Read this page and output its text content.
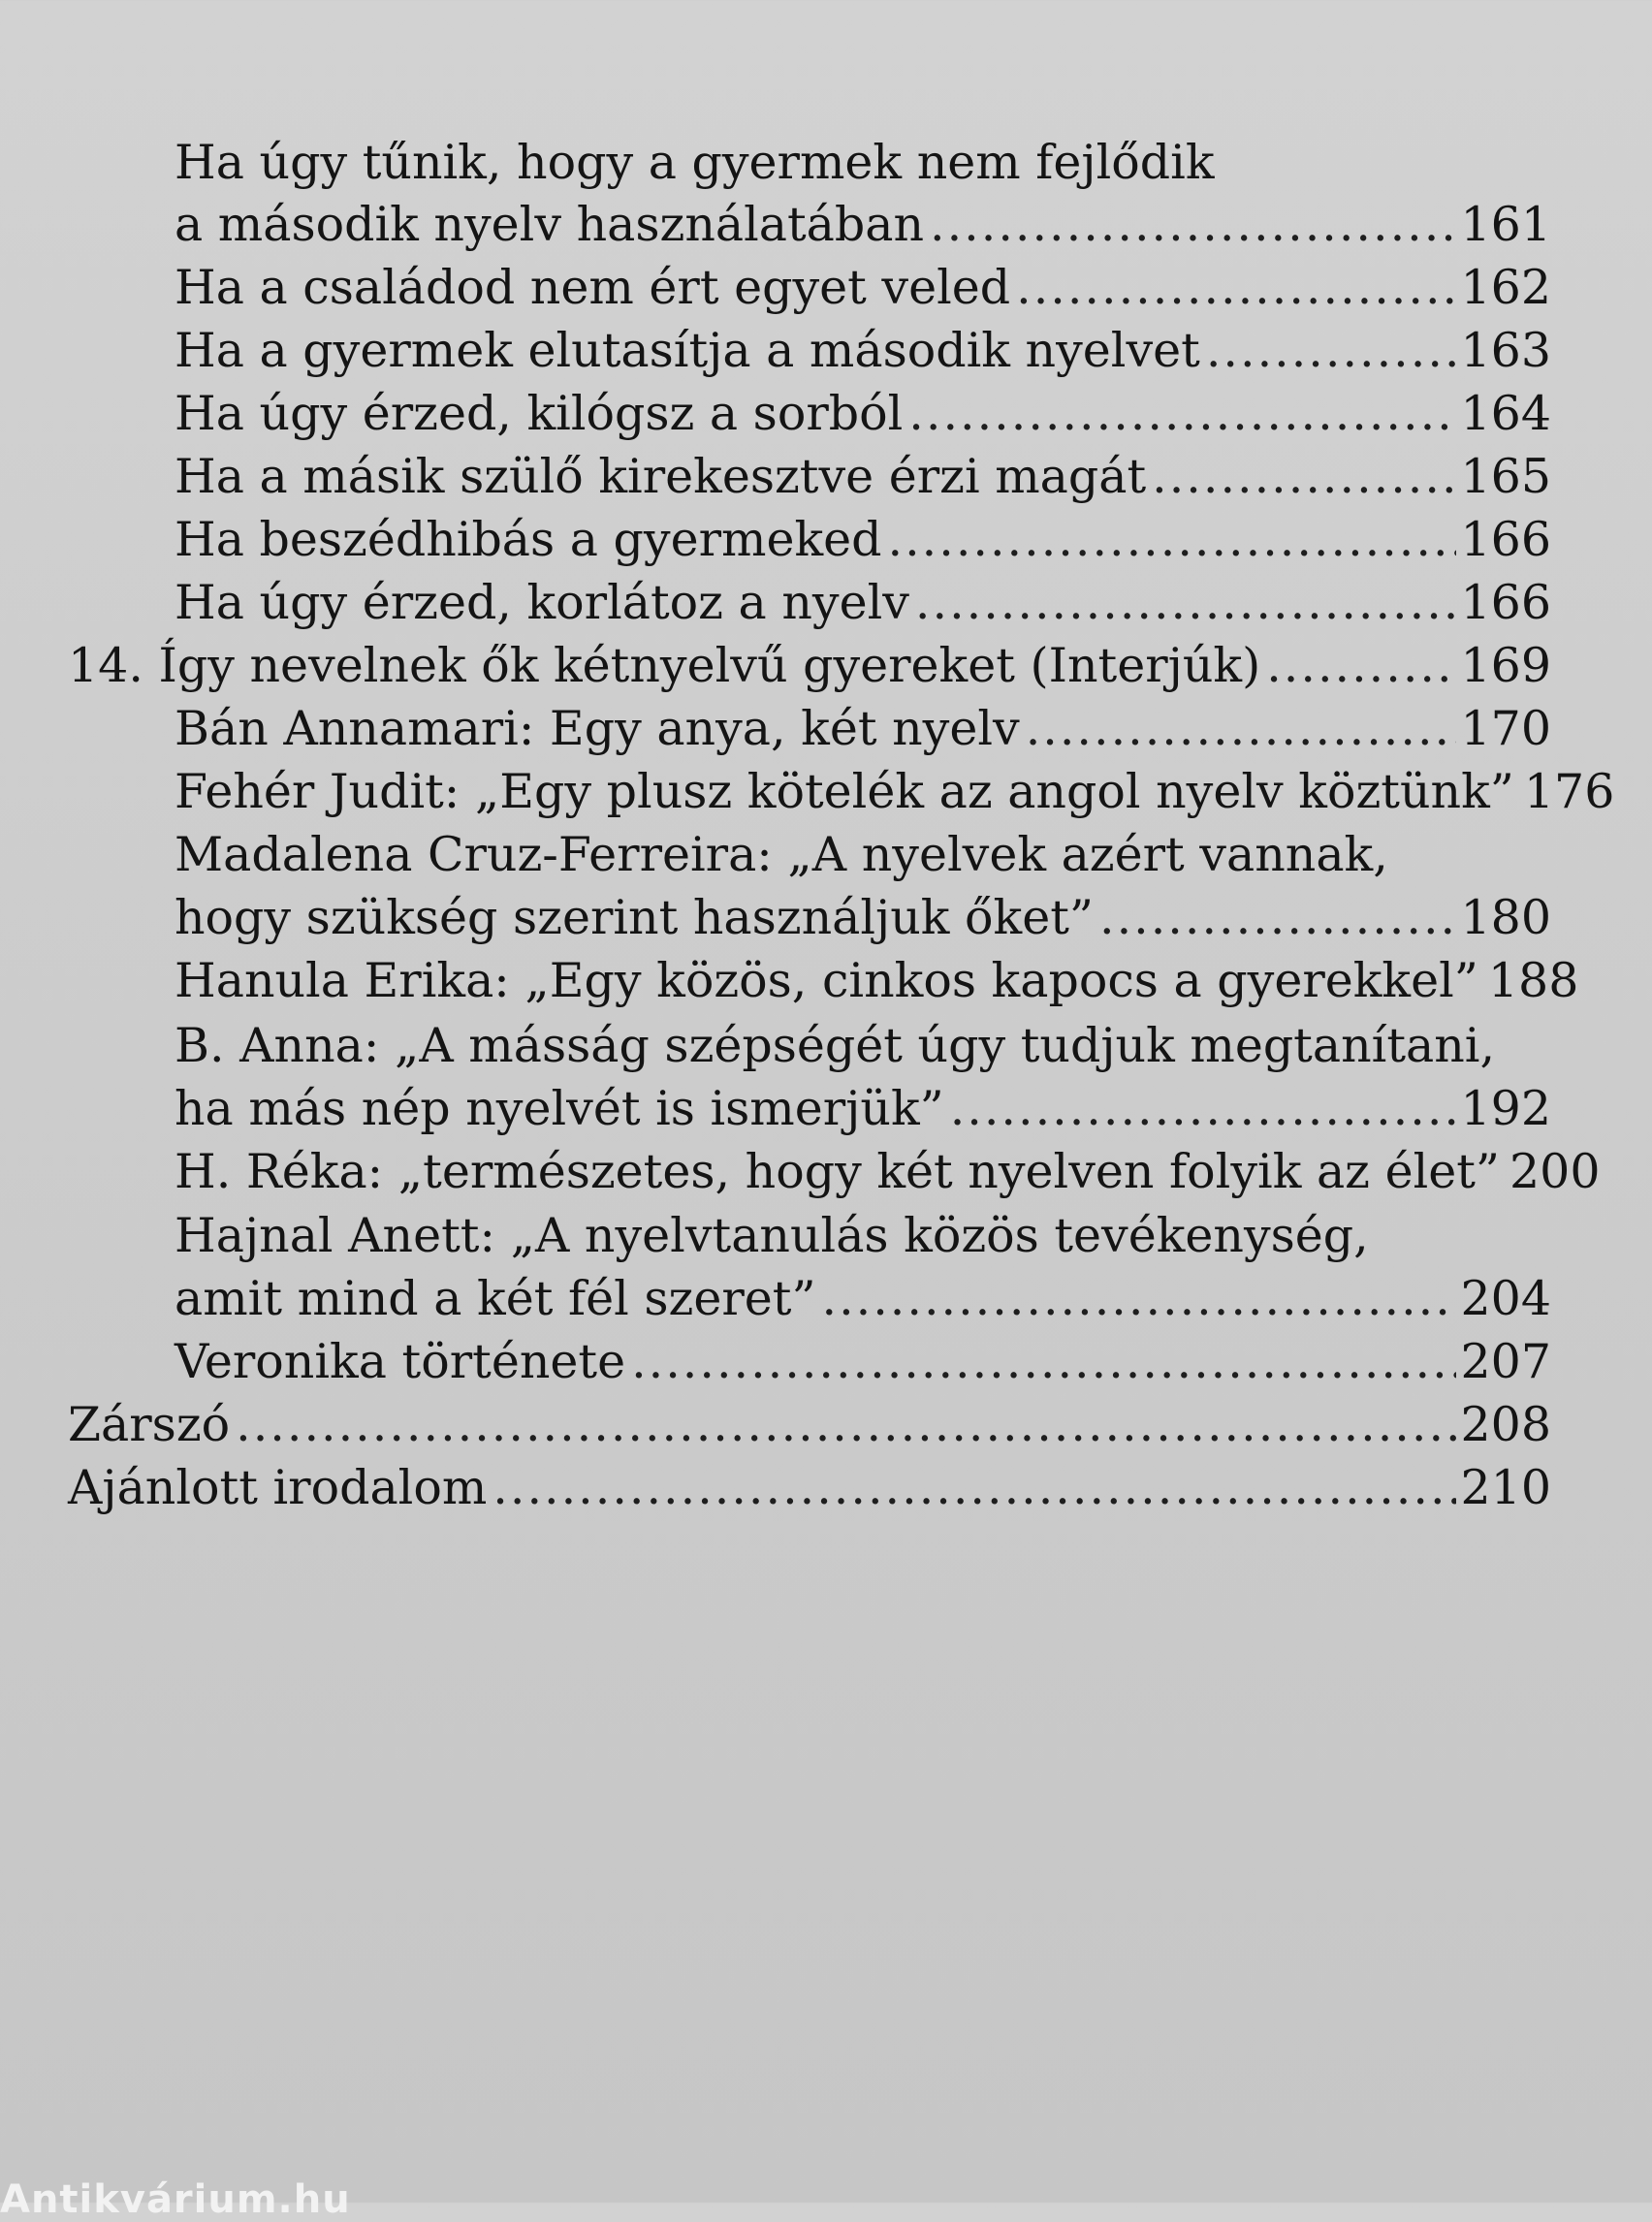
Ha úgy tűnik, hogy a gyermek nem fejlődik
a második nyelv használatában .....	161
Ha a családod nem ért egyet veled .....	162
Ha a gyermek elutasítja a második nyelvet .....	163
Ha úgy érzed, kilógsz a sorból .....	164
Ha a másik szülő kirekesztve érzi magát .....	165
Ha beszédhibás a gyermeked .....	166
Ha úgy érzed, korlátoz a nyelv .....	166
14. Így nevelnek ők kétnyelvű gyereket (Interjúk) .....	169
Bán Annamari: Egy anya, két nyelv .....	170
Fehér Judit: „Egy plusz kötelék az angol nyelv köztünk” 176
Madalena Cruz-Ferreira: „A nyelvek azért vannak,
hogy szükség szerint használjuk őket” .....	180
Hanula Erika: „Egy közös, cinkos kapocs a gyerekkel” 188
B. Anna: „A másság szépségét úgy tudjuk megtanítani,
ha más nép nyelvét is ismerjük” .....	192
H. Réka: „természetes, hogy két nyelven folyik az élet” 200
Hajnal Anett: „A nyelvtanulás közös tevékenység,
amit mind a két fél szeret” .....	204
Veronika története .....	207
Zárszó .....	208
Ajánlott irodalom .....	210
Antikvárium.hu
